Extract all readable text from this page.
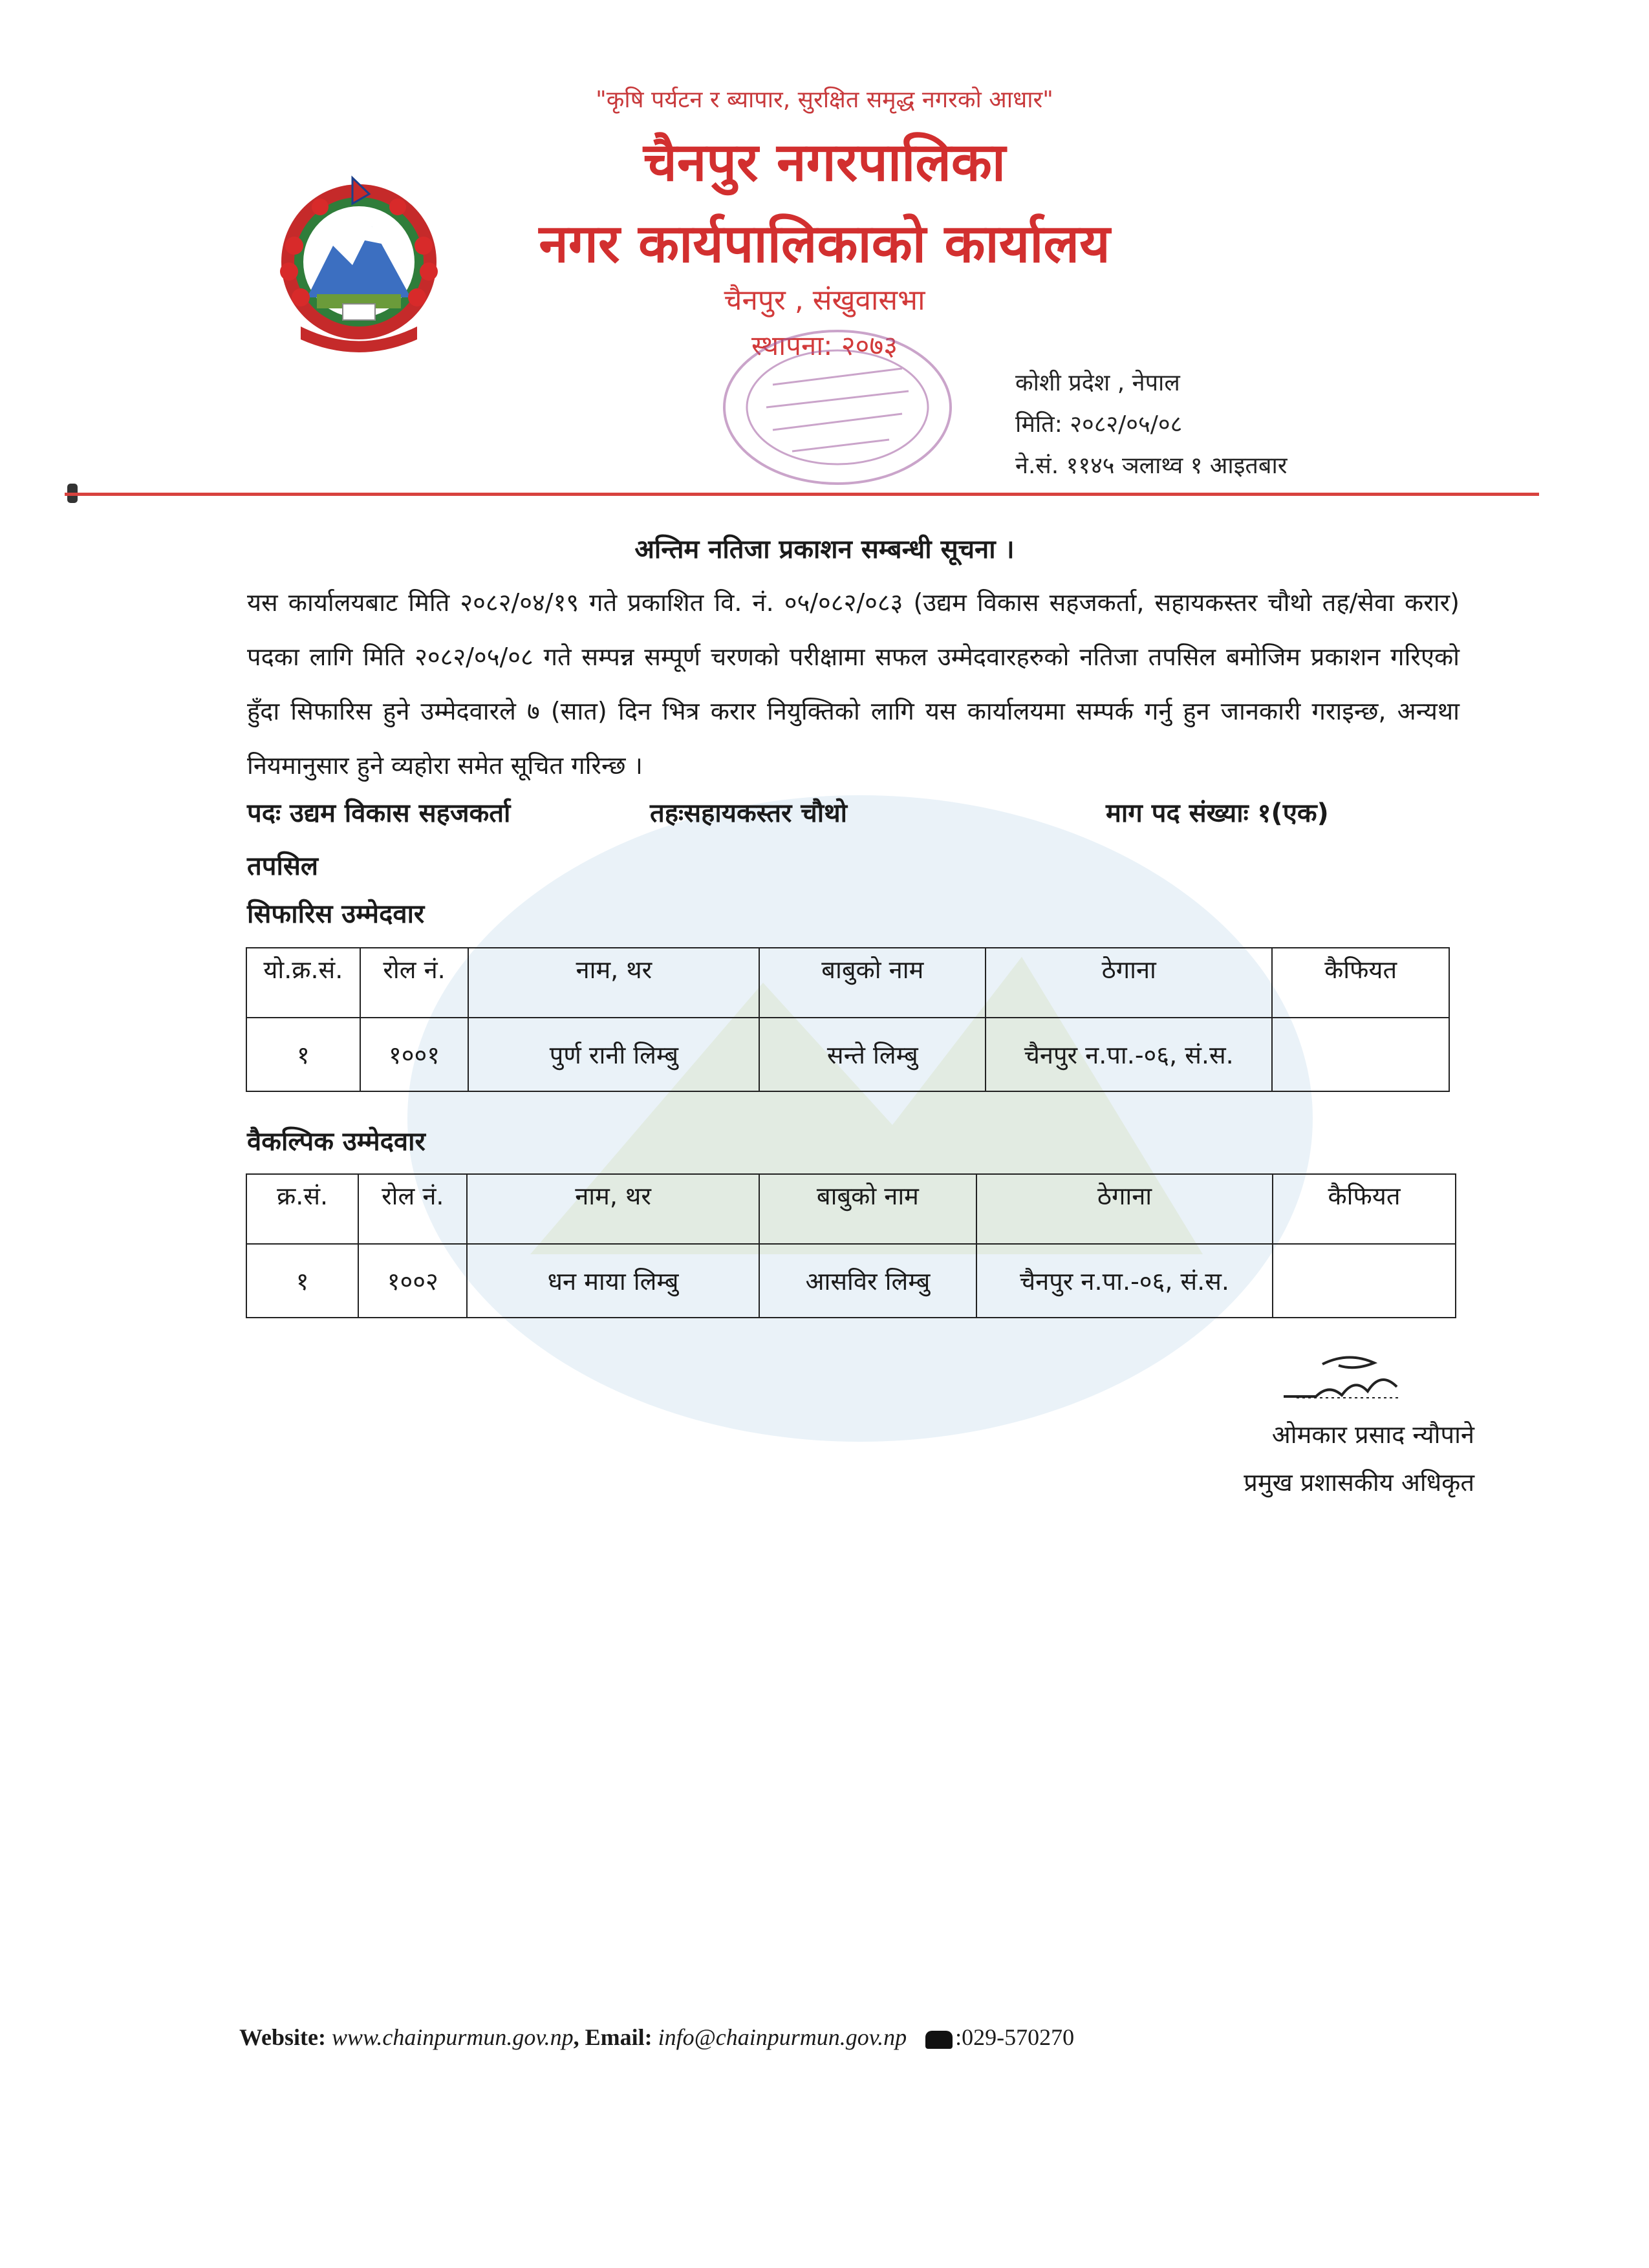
"कृषि पर्यटन र ब्यापार, सुरक्षित समृद्ध नगरको आधार"
चैनपुर नगरपालिका
नगर कार्यपालिकाको कार्यालय
चैनपुर , संखुवासभा
स्थापना: २०७३
कोशी प्रदेश , नेपाल
मिति: २०८२/०५/०८
ने.सं. ११४५ ञलाथ्व १ आइतबार
अन्तिम नतिजा प्रकाशन सम्बन्धी सूचना ।
यस कार्यालयबाट मिति २०८२/०४/१९ गते प्रकाशित वि. नं. ०५/०८२/०८३ (उद्यम विकास सहजकर्ता, सहायकस्तर चौथो तह/सेवा करार) पदका लागि मिति २०८२/०५/०८ गते सम्पन्न सम्पूर्ण चरणको परीक्षामा सफल उम्मेदवारहरुको नतिजा तपसिल बमोजिम प्रकाशन गरिएको हुँदा सिफारिस हुने उम्मेदवारले ७ (सात) दिन भित्र करार नियुक्तिको लागि यस कार्यालयमा सम्पर्क गर्नु हुन जानकारी गराइन्छ, अन्यथा नियमानुसार हुने व्यहोरा समेत सूचित गरिन्छ ।
पदः उद्यम विकास सहजकर्ता	तहःसहायकस्तर चौथो	माग पद संख्याः १(एक)
तपसिल
सिफारिस उम्मेदवार
यो.क्र.सं.	रोल नं.	नाम, थर	बाबुको नाम	ठेगाना	कैफियत
१	१००१	पुर्ण रानी लिम्बु	सन्ते लिम्बु	चैनपुर न.पा.-०६, सं.स.	
वैकल्पिक उम्मेदवार
क्र.सं.	रोल नं.	नाम, थर	बाबुको नाम	ठेगाना	कैफियत
१	१००२	धन माया लिम्बु	आसविर लिम्बु	चैनपुर न.पा.-०६, सं.स.	
ओमकार प्रसाद न्यौपाने
प्रमुख प्रशासकीय अधिकृत
Website: www.chainpurmun.gov.np, Email: info@chainpurmun.gov.np :029-570270
